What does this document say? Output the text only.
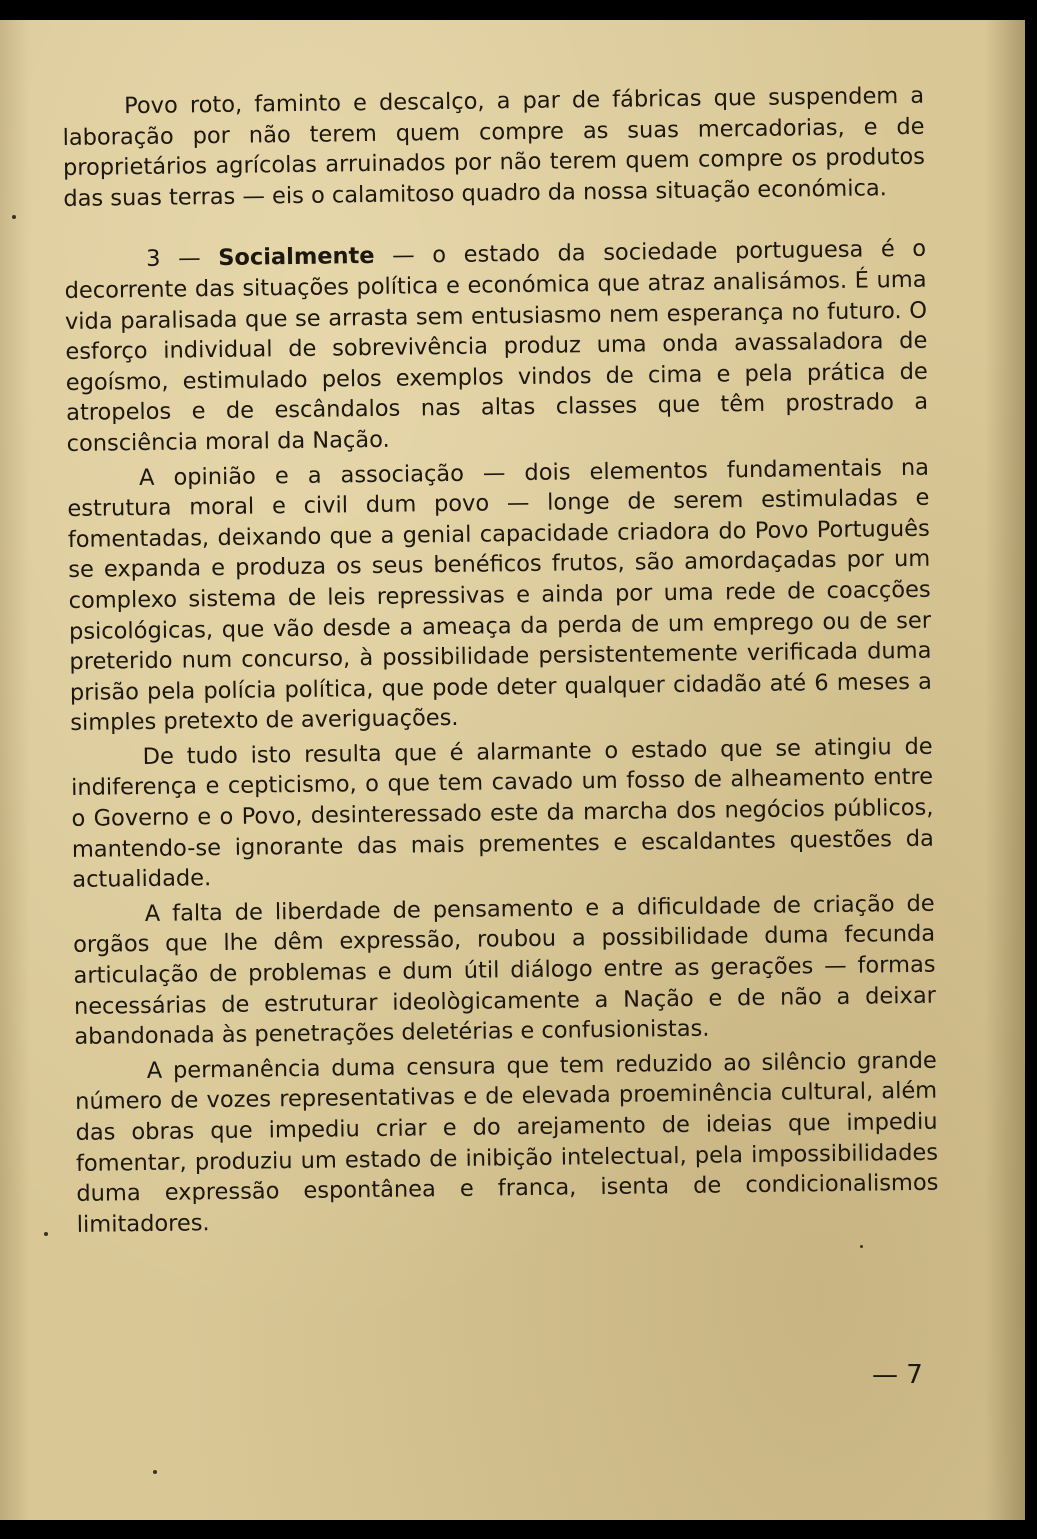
Povo roto, faminto e descalço, a par de fábricas que suspendem a laboração por não terem quem compre as suas mercadorias, e de proprietários agrícolas arruinados por não terem quem compre os produtos das suas terras — eis o calamitoso quadro da nossa situação económica.

3 — Socialmente — o estado da sociedade portuguesa é o decorrente das situações política e económica que atraz analisámos. É uma vida paralisada que se arrasta sem entusiasmo nem esperança no futuro. O esforço individual de sobrevivência produz uma onda avassaladora de egoísmo, estimulado pelos exemplos vindos de cima e pela prática de atropelos e de escândalos nas altas classes que têm prostrado a consciência moral da Nação.

A opinião e a associação — dois elementos fundamentais na estrutura moral e civil dum povo — longe de serem estimuladas e fomentadas, deixando que a genial capacidade criadora do Povo Português se expanda e produza os seus benéficos frutos, são amordaçadas por um complexo sistema de leis repressivas e ainda por uma rede de coacções psicológicas, que vão desde a ameaça da perda de um emprego ou de ser preterido num concurso, à possibilidade persistentemente verificada duma prisão pela polícia política, que pode deter qualquer cidadão até 6 meses a simples pretexto de averiguações.

De tudo isto resulta que é alarmante o estado que se atingiu de indiferença e cepticismo, o que tem cavado um fosso de alheamento entre o Governo e o Povo, desinteressado este da marcha dos negócios públicos, mantendo-se ignorante das mais prementes e escaldantes questões da actualidade.

A falta de liberdade de pensamento e a dificuldade de criação de orgãos que lhe dêm expressão, roubou a possibilidade duma fecunda articulação de problemas e dum útil diálogo entre as gerações — formas necessárias de estruturar ideològicamente a Nação e de não a deixar abandonada às penetrações deletérias e confusionistas.

A permanência duma censura que tem reduzido ao silêncio grande número de vozes representativas e de elevada proeminência cultural, além das obras que impediu criar e do arejamento de ideias que impediu fomentar, produziu um estado de inibição intelectual, pela impossibilidades duma expressão espontânea e franca, isenta de condicionalismos limitadores.

— 7
